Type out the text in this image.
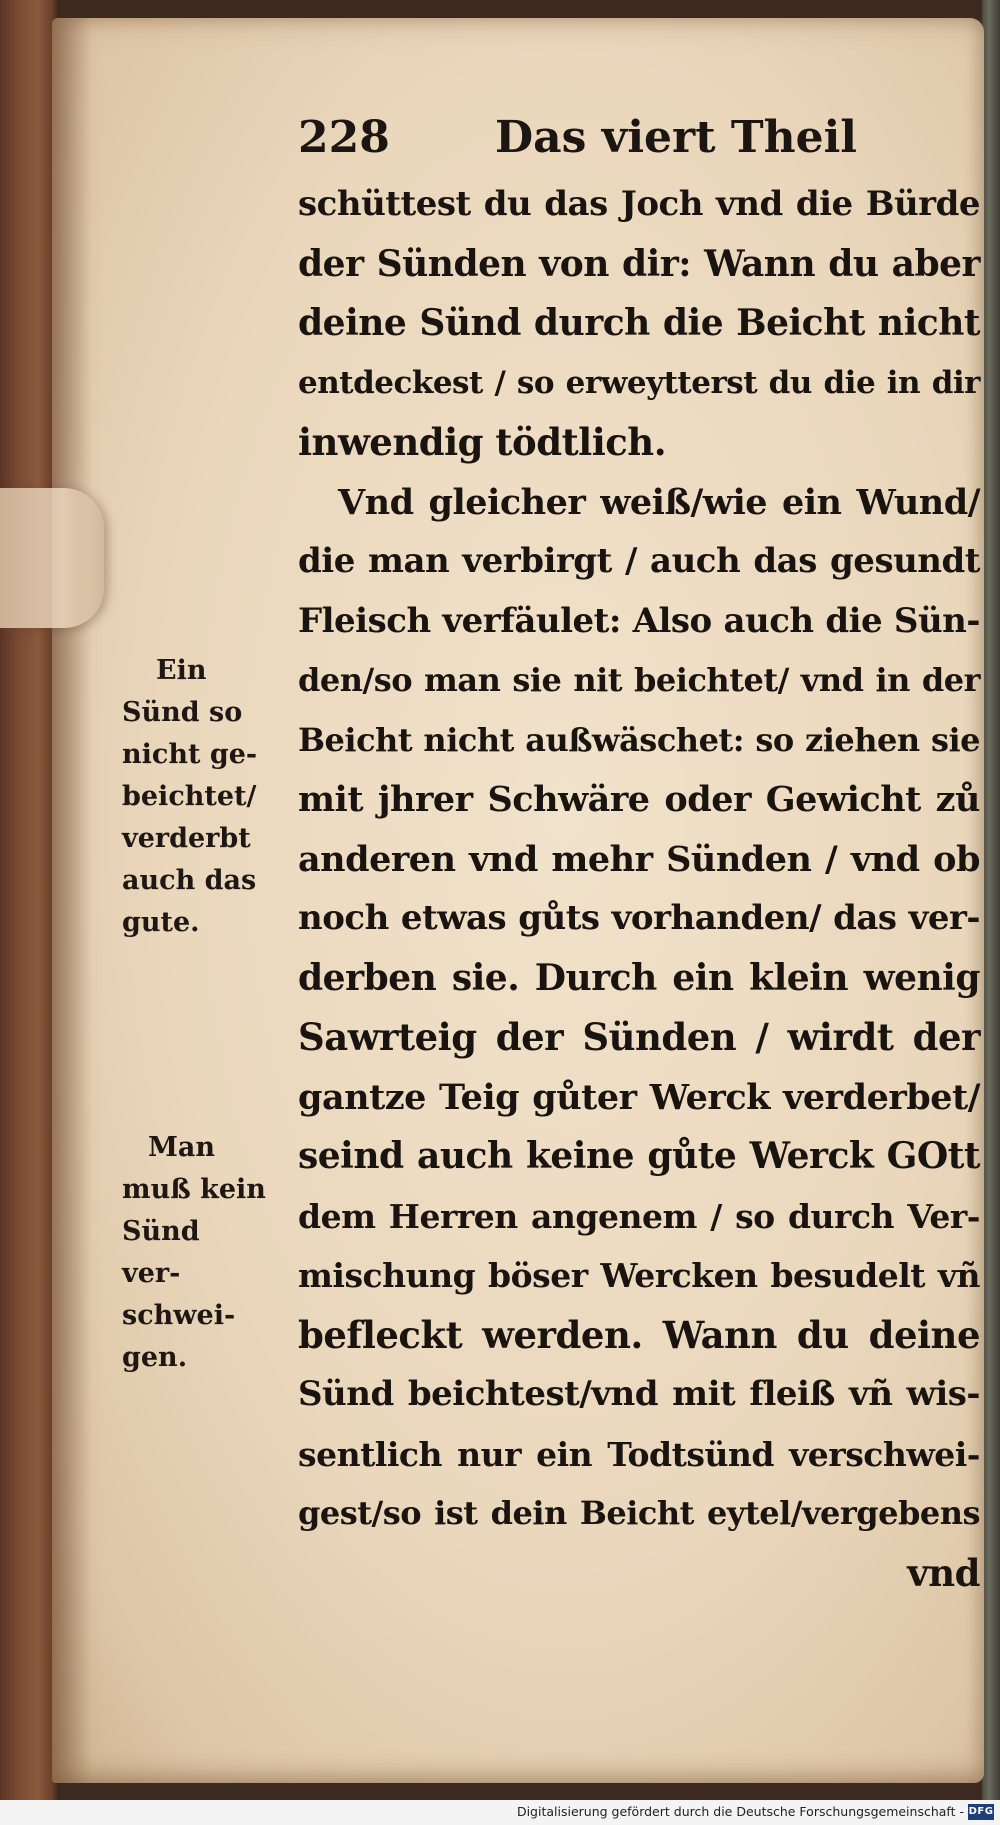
228 Das viert Theil
schüttest du das Joch vnd die Bürde
der Sünden von dir: Wann du aber
deine Sünd durch die Beicht nicht
entdeckest / so erweytterst du die in dir
inwendig tödtlich.
Vnd gleicher weiß/wie ein Wund/
die man verbirgt / auch das gesundt
Fleisch verfäulet: Also auch die Sün-
den/so man sie nit beichtet/ vnd in der
Beicht nicht außwäschet: so ziehen sie
mit jhrer Schwäre oder Gewicht zů
anderen vnd mehr Sünden / vnd ob
noch etwas gůts vorhanden/ das ver-
derben sie. Durch ein klein wenig
Sawrteig der Sünden / wirdt der
gantze Teig gůter Werck verderbet/
seind auch keine gůte Werck GOtt
dem Herren angenem / so durch Ver-
mischung böser Wercken besudelt vñ
befleckt werden. Wann du deine
Sünd beichtest/vnd mit fleiß vñ wis-
sentlich nur ein Todtsünd verschwei-
gest/so ist dein Beicht eytel/vergebens
vnd
Ein
Sünd so
nicht ge-
beichtet/
verderbt
auch das
gute.
Man
muß kein
Sünd
ver-
schwei-
gen.
Digitalisierung gefördert durch die Deutsche Forschungsgemeinschaft - DFG
